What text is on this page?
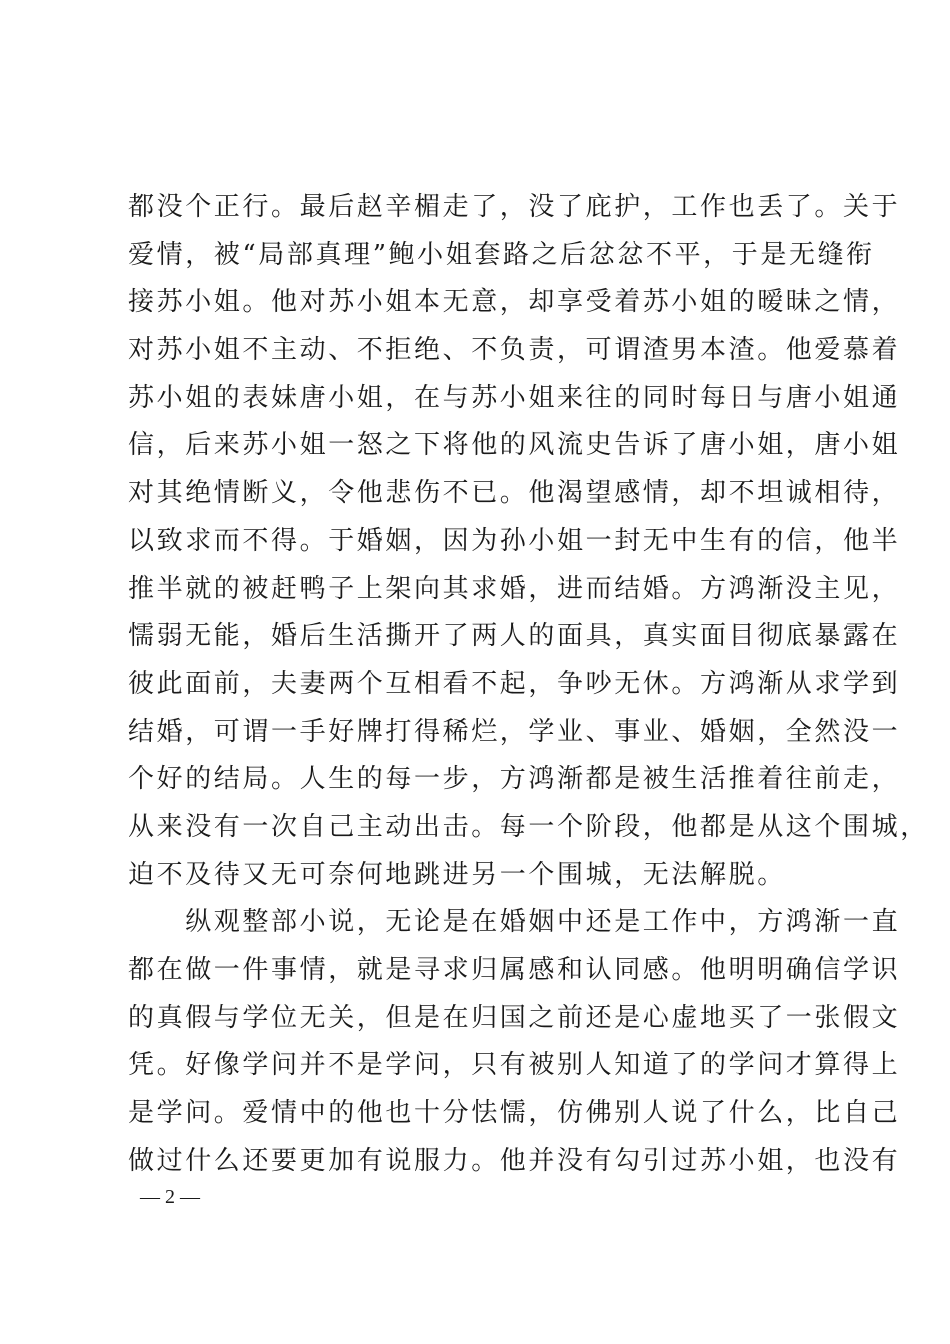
都没个正行。最后赵辛楣走了，没了庇护，工作也丢了。关于
爱情，被“局部真理”鲍小姐套路之后忿忿不平，于是无缝衔
接苏小姐。他对苏小姐本无意，却享受着苏小姐的暧昧之情，
对苏小姐不主动、不拒绝、不负责，可谓渣男本渣。他爱慕着
苏小姐的表妹唐小姐，在与苏小姐来往的同时每日与唐小姐通
信，后来苏小姐一怒之下将他的风流史告诉了唐小姐，唐小姐
对其绝情断义，令他悲伤不已。他渴望感情，却不坦诚相待，
以致求而不得。于婚姻，因为孙小姐一封无中生有的信，他半
推半就的被赶鸭子上架向其求婚，进而结婚。方鸿渐没主见，
懦弱无能，婚后生活撕开了两人的面具，真实面目彻底暴露在
彼此面前，夫妻两个互相看不起，争吵无休。方鸿渐从求学到
结婚，可谓一手好牌打得稀烂，学业、事业、婚姻，全然没一
个好的结局。人生的每一步，方鸿渐都是被生活推着往前走，
从来没有一次自己主动出击。每一个阶段，他都是从这个围城，
迫不及待又无可奈何地跳进另一个围城，无法解脱。
　　纵观整部小说，无论是在婚姻中还是工作中，方鸿渐一直
都在做一件事情，就是寻求归属感和认同感。他明明确信学识
的真假与学位无关，但是在归国之前还是心虚地买了一张假文
凭。好像学问并不是学问，只有被别人知道了的学问才算得上
是学问。爱情中的他也十分怯懦，仿佛别人说了什么，比自己
做过什么还要更加有说服力。他并没有勾引过苏小姐，也没有
— 2 —
